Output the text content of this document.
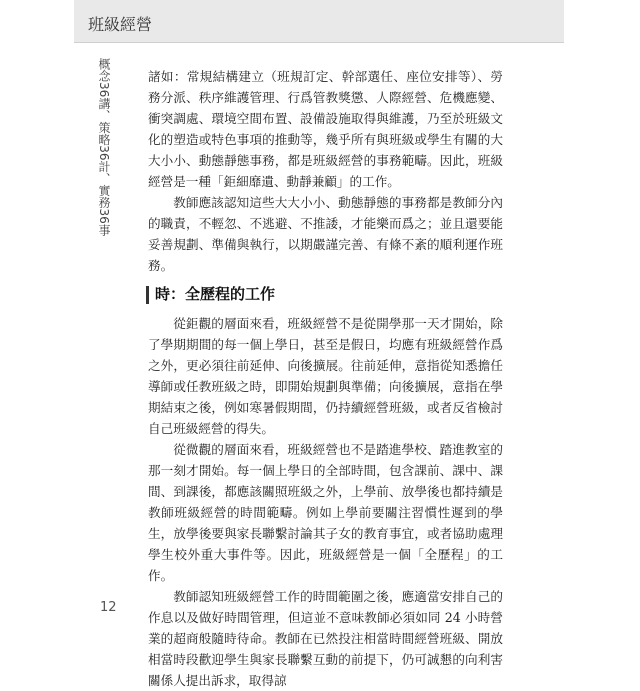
班級經營
概念36講、策略36計、實務36事	諸如：常規結構建立（班規訂定、幹部選任、座位安排等）、勞務分派、秩序維護管理、行爲管教獎懲、人際經營、危機應變、衝突調處、環境空間布置、設備設施取得與維護，乃至於班級文化的塑造或特色事項的推動等，幾乎所有與班級或學生有關的大大小小、動態靜態事務，都是班級經營的事務範疇。因此，班級經營是一種「鉅細靡遺、動靜兼顧」的工作。

教師應該認知這些大大小小、動態靜態的事務都是教師分內的職責，不輕忽、不逃避、不推諉，才能樂而爲之；並且還要能妥善規劃、準備與執行，以期嚴謹完善、有條不紊的順利運作班務。

時：全歷程的工作

從鉅觀的層面來看，班級經營不是從開學那一天才開始，除了學期期間的每一個上學日，甚至是假日，均應有班級經營作爲之外，更必須往前延伸、向後擴展。往前延伸，意指從知悉擔任導師或任教班級之時，即開始規劃與準備；向後擴展，意指在學期結束之後，例如寒暑假期間，仍持續經營班級，或者反省檢討自己班級經營的得失。

從微觀的層面來看，班級經營也不是踏進學校、踏進教室的那一刻才開始。每一個上學日的全部時間，包含課前、課中、課間、到課後，都應該關照班級之外，上學前、放學後也都持續是教師班級經營的時間範疇。例如上學前要關注習慣性遲到的學生，放學後要與家長聯繫討論其子女的教育事宜，或者協助處理學生校外重大事件等。因此，班級經營是一個「全歷程」的工作。

教師認知班級經營工作的時間範圍之後，應適當安排自己的作息以及做好時間管理，但這並不意味教師必須如同 24 小時營業的超商般隨時待命。教師在已然投注相當時間經營班級、開放相當時段歡迎學生與家長聯繫互動的前提下，仍可誠懇的向利害關係人提出訴求，取得諒

12
